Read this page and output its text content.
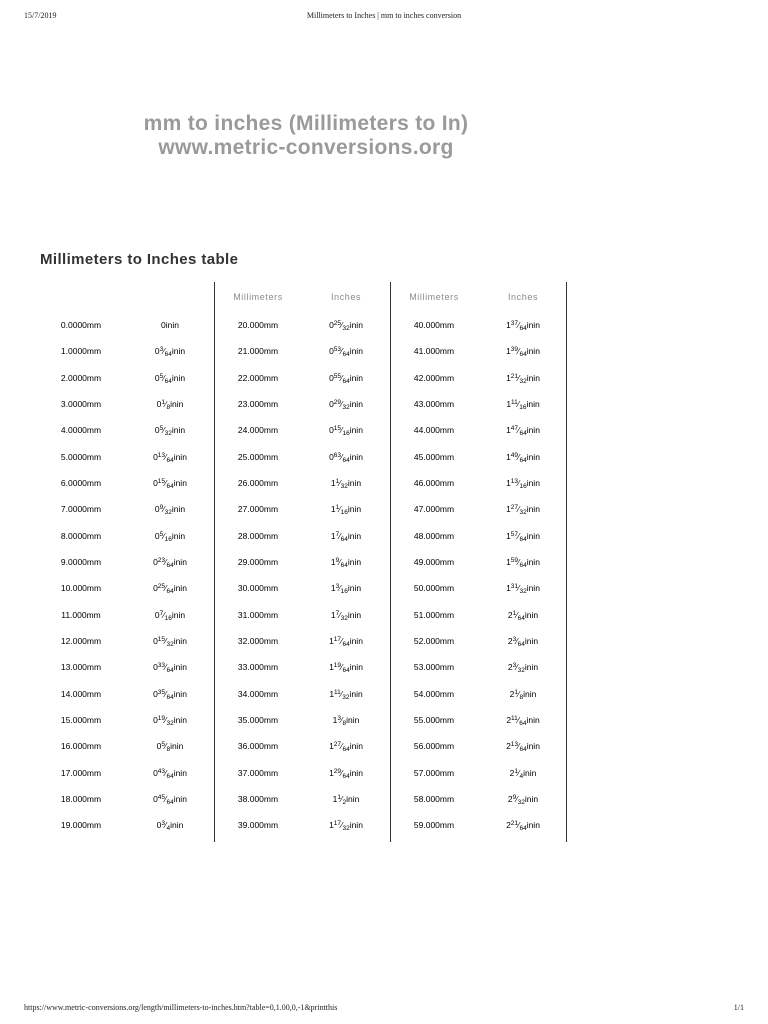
15/7/2019	Millimeters to Inches | mm to inches conversion
mm to inches (Millimeters to In)
www.metric-conversions.org
Millimeters to Inches table
		Millimeters	Inches	Millimeters	Inches
0.0000mm	0inin	20.000mm	$0^{25}⁄_{32}inin$	40.000mm	$1^{37}⁄_{64}inin$
1.0000mm	$0^3⁄_{64}inin$	21.000mm	$0^{53}⁄_{64}inin$	41.000mm	$1^{39}⁄_{64}inin$
2.0000mm	$0^5⁄_{64}inin$	22.000mm	$0^{55}⁄_{64}inin$	42.000mm	$1^{21}⁄_{32}inin$
3.0000mm	$0^1⁄_8inin$	23.000mm	$0^{29}⁄_{32}inin$	43.000mm	$1^{11}⁄_{16}inin$
4.0000mm	$0^5⁄_{32}inin$	24.000mm	$0^{15}⁄_{16}inin$	44.000mm	$1^{47}⁄_{64}inin$
5.0000mm	$0^{13}⁄_{64}inin$	25.000mm	$0^{63}⁄_{64}inin$	45.000mm	$1^{49}⁄_{64}inin$
6.0000mm	$0^{15}⁄_{64}inin$	26.000mm	$1^1⁄_{32}inin$	46.000mm	$1^{13}⁄_{16}inin$
7.0000mm	$0^9⁄_{32}inin$	27.000mm	$1^1⁄_{16}inin$	47.000mm	$1^{27}⁄_{32}inin$
8.0000mm	$0^5⁄_{16}inin$	28.000mm	$1^7⁄_{64}inin$	48.000mm	$1^{57}⁄_{64}inin$
9.0000mm	$0^{23}⁄_{64}inin$	29.000mm	$1^9⁄_{64}inin$	49.000mm	$1^{59}⁄_{64}inin$
10.000mm	$0^{25}⁄_{64}inin$	30.000mm	$1^3⁄_{16}inin$	50.000mm	$1^{31}⁄_{32}inin$
11.000mm	$0^7⁄_{16}inin$	31.000mm	$1^7⁄_{32}inin$	51.000mm	$2^1⁄_{64}inin$
12.000mm	$0^{15}⁄_{32}inin$	32.000mm	$1^{17}⁄_{64}inin$	52.000mm	$2^3⁄_{64}inin$
13.000mm	$0^{33}⁄_{64}inin$	33.000mm	$1^{19}⁄_{64}inin$	53.000mm	$2^3⁄_{32}inin$
14.000mm	$0^{35}⁄_{64}inin$	34.000mm	$1^{11}⁄_{32}inin$	54.000mm	$2^1⁄_8inin$
15.000mm	$0^{19}⁄_{32}inin$	35.000mm	$1^3⁄_8inin$	55.000mm	$2^{11}⁄_{64}inin$
16.000mm	$0^5⁄_8inin$	36.000mm	$1^{27}⁄_{64}inin$	56.000mm	$2^{13}⁄_{64}inin$
17.000mm	$0^{43}⁄_{64}inin$	37.000mm	$1^{29}⁄_{64}inin$	57.000mm	$2^1⁄_4inin$
18.000mm	$0^{45}⁄_{64}inin$	38.000mm	$1^1⁄_2inin$	58.000mm	$2^9⁄_{32}inin$
19.000mm	$0^3⁄_4inin$	39.000mm	$1^{17}⁄_{32}inin$	59.000mm	$2^{21}⁄_{64}inin$
https://www.metric-conversions.org/length/millimeters-to-inches.htm?table=0,1.00,0,-1&printthis	1/1
